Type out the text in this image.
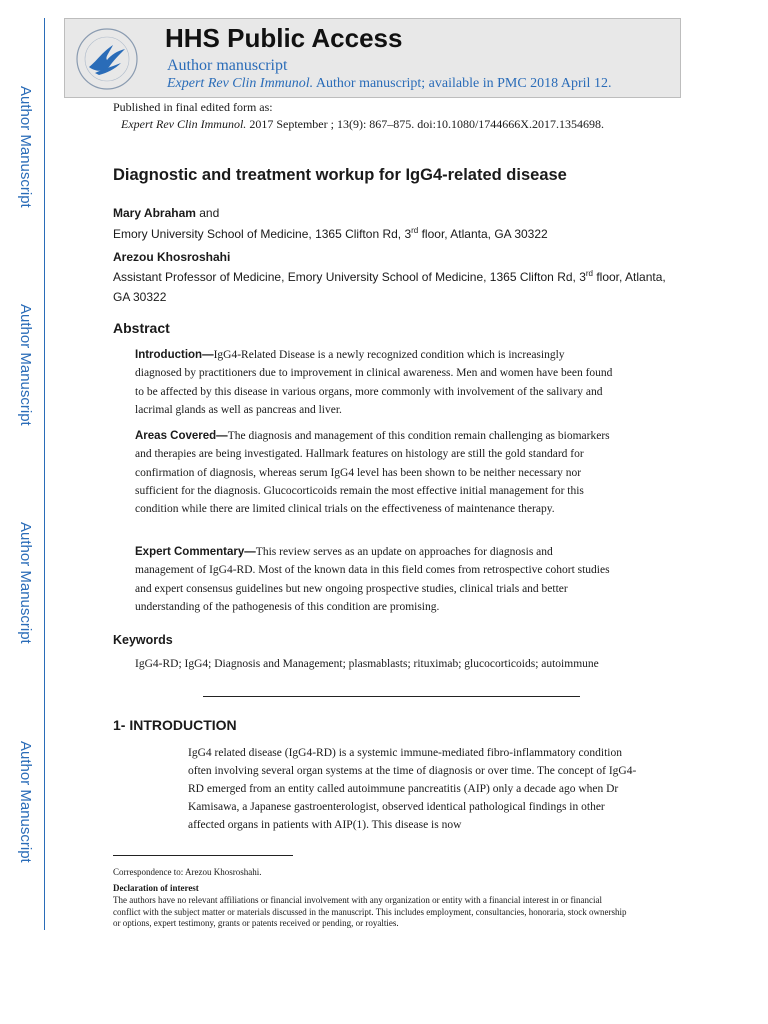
Author Manuscript
Author Manuscript
Author Manuscript
Author Manuscript
HHS Public Access
Author manuscript
Expert Rev Clin Immunol. Author manuscript; available in PMC 2018 April 12.
Published in final edited form as:
Expert Rev Clin Immunol. 2017 September ; 13(9): 867–875. doi:10.1080/1744666X.2017.1354698.
Diagnostic and treatment workup for IgG4-related disease
Mary Abraham and
Emory University School of Medicine, 1365 Clifton Rd, 3rd floor, Atlanta, GA 30322
Arezou Khosroshahi
Assistant Professor of Medicine, Emory University School of Medicine, 1365 Clifton Rd, 3rd floor, Atlanta, GA 30322
Abstract
Introduction—IgG4-Related Disease is a newly recognized condition which is increasingly diagnosed by practitioners due to improvement in clinical awareness. Men and women have been found to be affected by this disease in various organs, more commonly with involvement of the salivary and lacrimal glands as well as pancreas and liver.
Areas Covered—The diagnosis and management of this condition remain challenging as biomarkers and therapies are being investigated. Hallmark features on histology are still the gold standard for confirmation of diagnosis, whereas serum IgG4 level has been shown to be neither necessary nor sufficient for the diagnosis. Glucocorticoids remain the most effective initial management for this condition while there are limited clinical trials on the effectiveness of maintenance therapy.
Expert Commentary—This review serves as an update on approaches for diagnosis and management of IgG4-RD. Most of the known data in this field comes from retrospective cohort studies and expert consensus guidelines but new ongoing prospective studies, clinical trials and better understanding of the pathogenesis of this condition are promising.
Keywords
IgG4-RD; IgG4; Diagnosis and Management; plasmablasts; rituximab; glucocorticoids; autoimmune
1- INTRODUCTION
IgG4 related disease (IgG4-RD) is a systemic immune-mediated fibro-inflammatory condition often involving several organ systems at the time of diagnosis or over time. The concept of IgG4-RD emerged from an entity called autoimmune pancreatitis (AIP) only a decade ago when Dr Kamisawa, a Japanese gastroenterologist, observed identical pathological findings in other affected organs in patients with AIP(1). This disease is now
Correspondence to: Arezou Khosroshahi.
Declaration of interest
The authors have no relevant affiliations or financial involvement with any organization or entity with a financial interest in or financial conflict with the subject matter or materials discussed in the manuscript. This includes employment, consultancies, honoraria, stock ownership or options, expert testimony, grants or patents received or pending, or royalties.
